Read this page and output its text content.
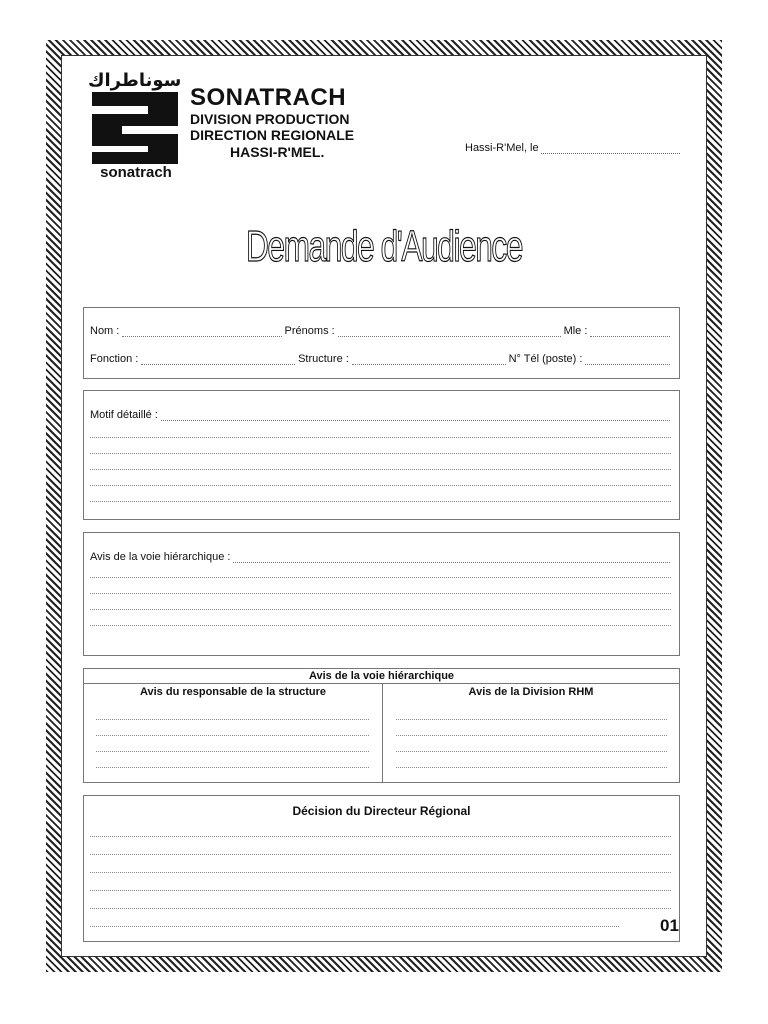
سوناطراك
sonatrach
SONATRACH
DIVISION PRODUCTION
DIRECTION REGIONALE
HASSI-R'MEL.	Hassi-R'Mel, le
Demande d'Audience
Nom :	Prénoms :	Mle :
Fonction :	Structure :	N° Tél (poste) :
Motif détaillé :
Avis de la voie hiérarchique :
Avis de la voie hiérarchique
Avis du responsable de la structure	Avis de la Division RHM
Décision du Directeur Régional
01
